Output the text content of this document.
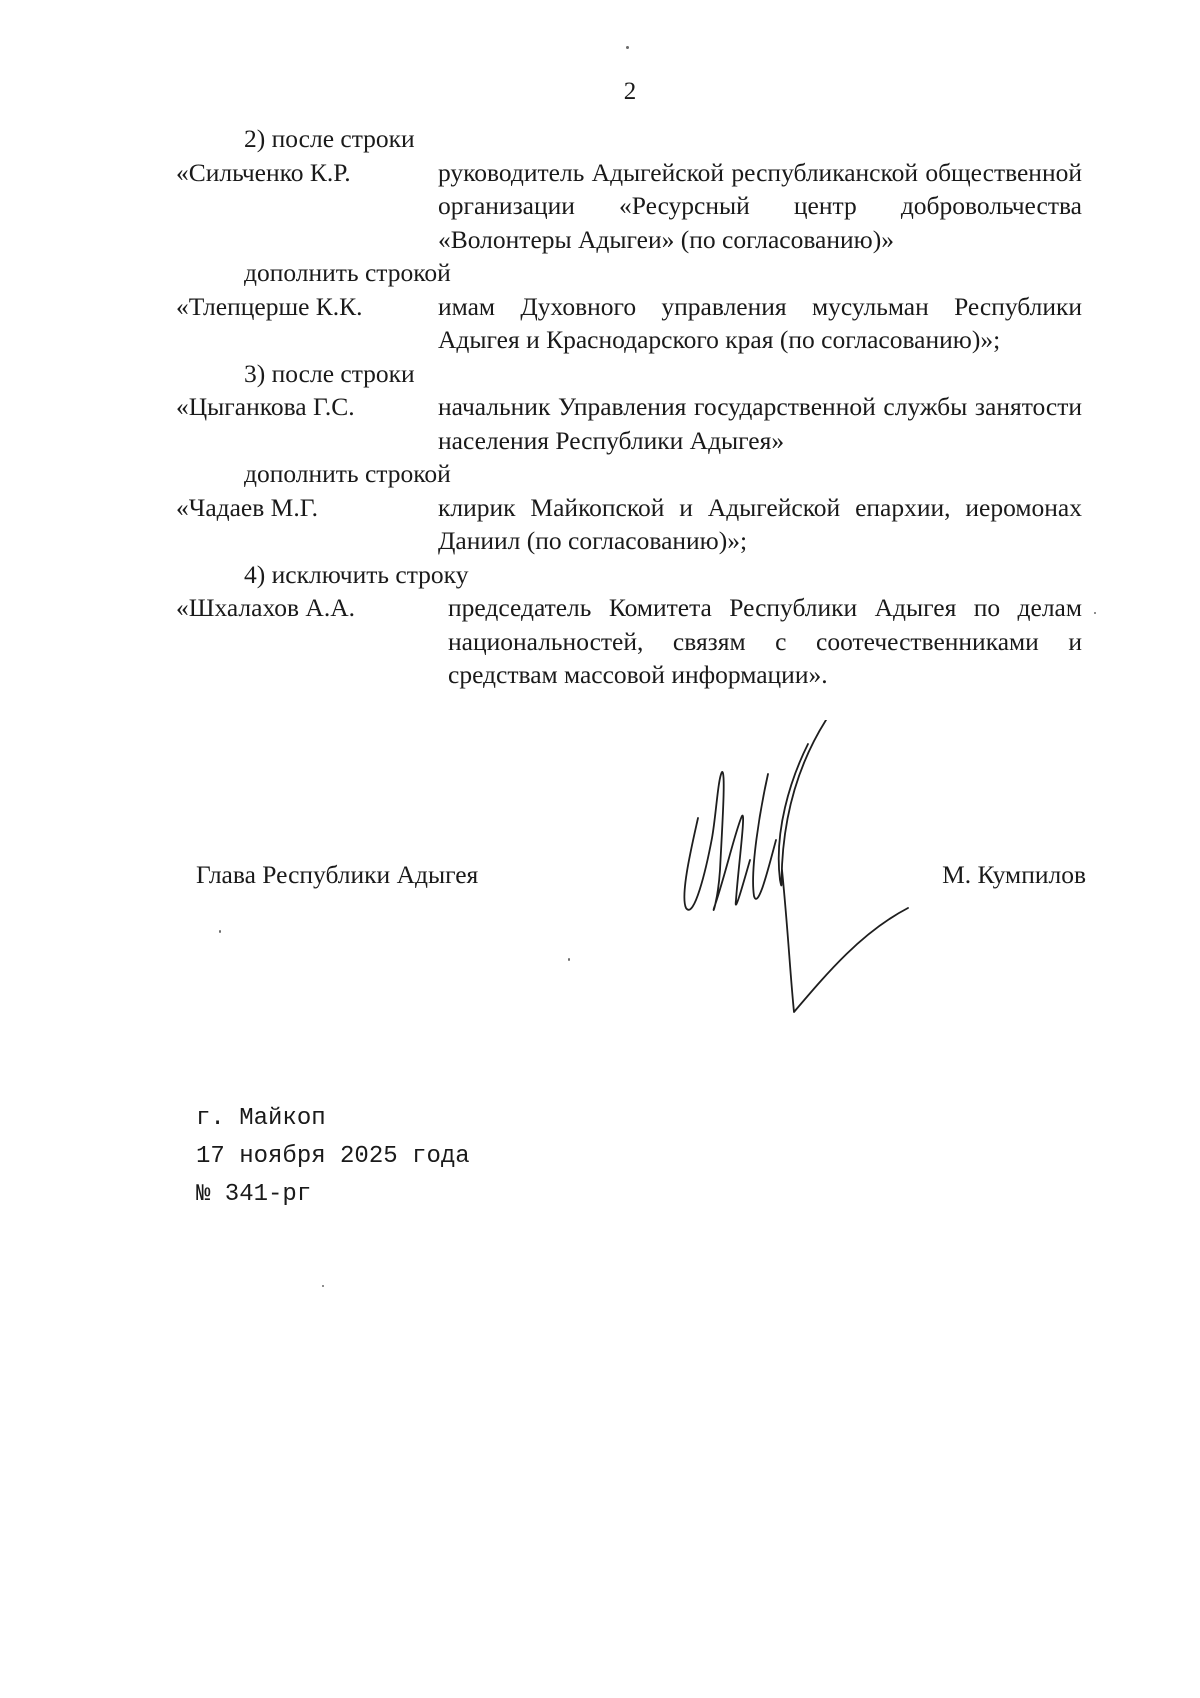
2
2) после строки
«Сильченко К.Р.	руководитель Адыгейской республиканской общественной организации «Ресурсный центр добровольчества «Волонтеры Адыгеи» (по согласованию)»
дополнить строкой
«Тлепцерше К.К.	имам Духовного управления мусульман Республики Адыгея и Краснодарского края (по согласованию)»;
3) после строки
«Цыганкова Г.С.	начальник Управления государственной службы занятости населения Республики Адыгея»
дополнить строкой
«Чадаев М.Г.	клирик Майкопской и Адыгейской епархии, иеромонах Даниил (по согласованию)»;
4) исключить строку
«Шхалахов А.А.	председатель Комитета Республики Адыгея по делам национальностей, связям с соотечественниками и средствам массовой информации».
Глава Республики Адыгея	М. Кумпилов
г. Майкоп
17 ноября 2025 года
№ 341-рг
